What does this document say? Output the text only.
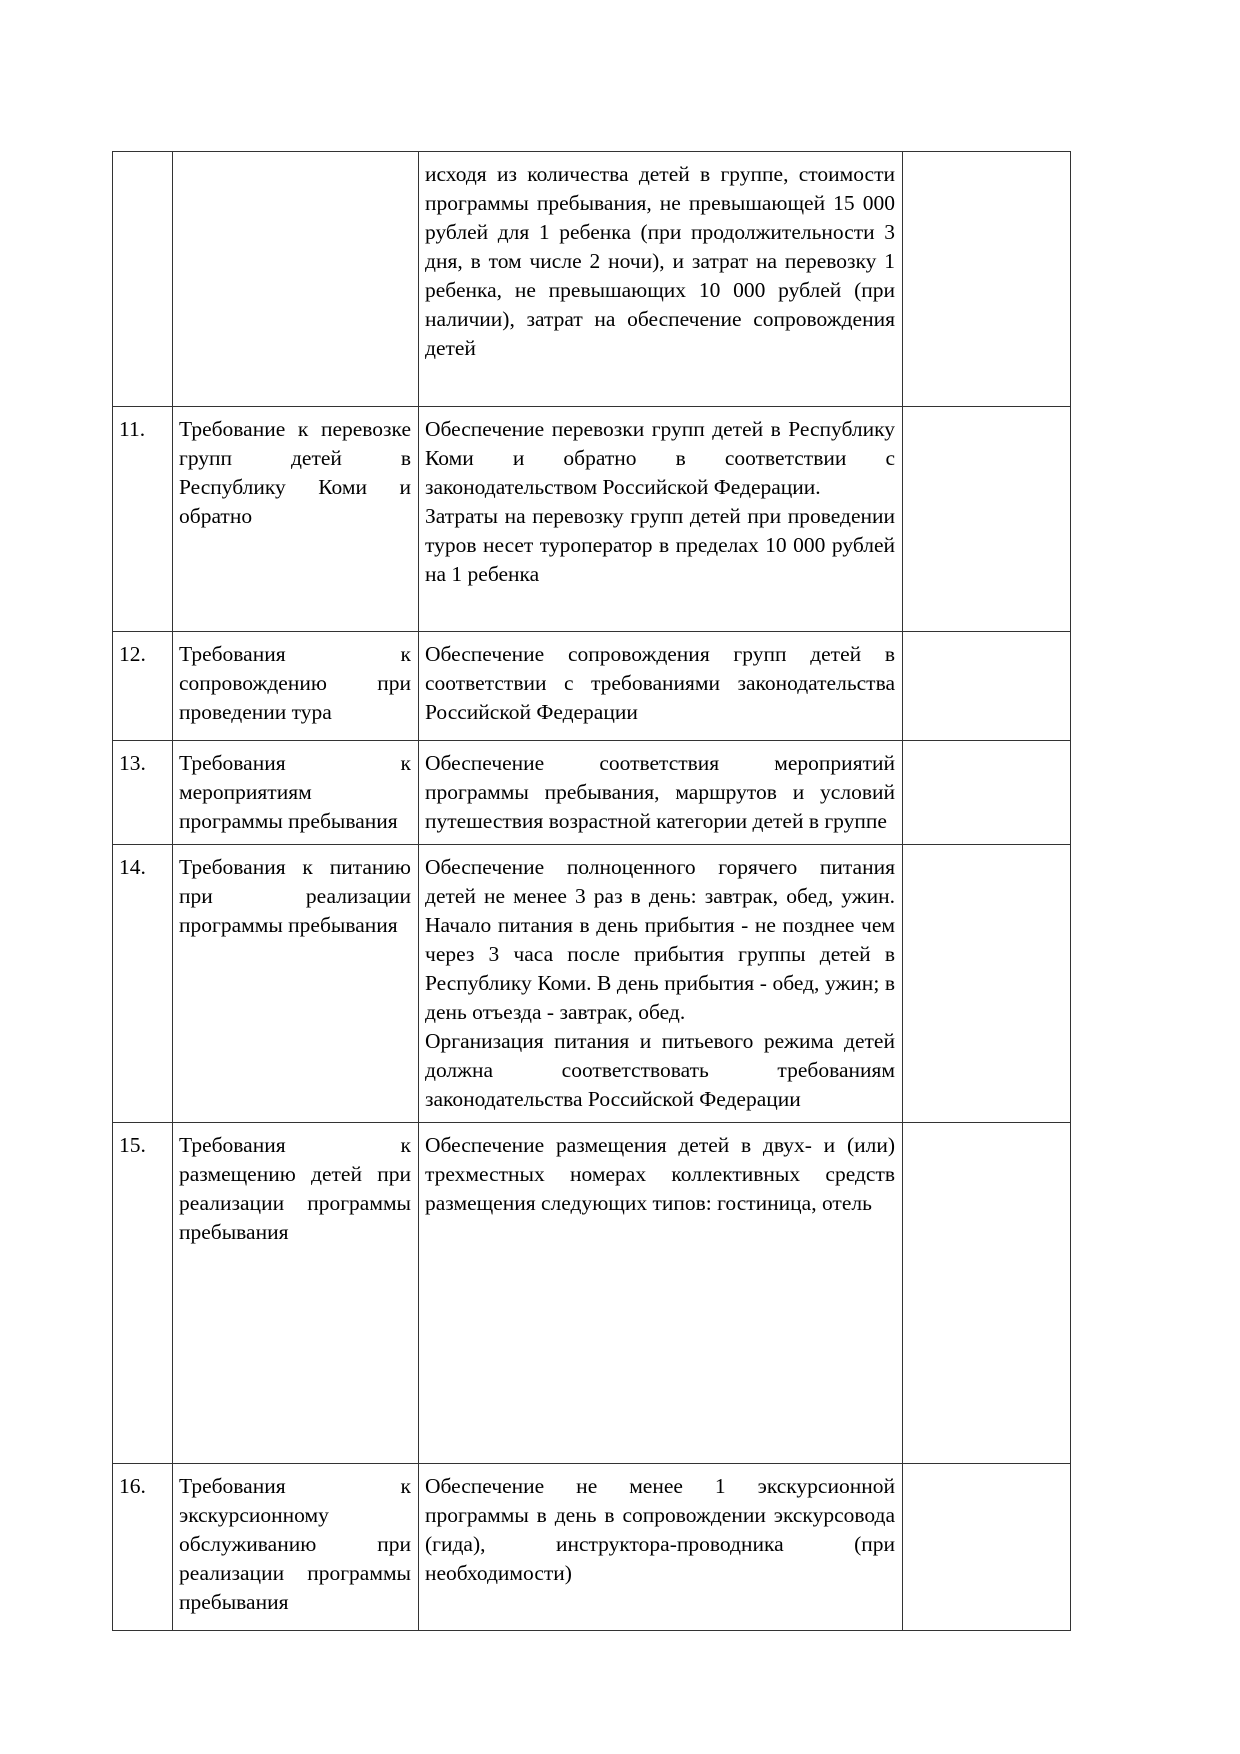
		исходя из количества детей в группе, стоимости программы пребывания, не превышающей 15 000 рублей для 1 ребенка (при продолжительности 3 дня, в том числе 2 ночи), и затрат на перевозку 1 ребенка, не превышающих 10 000 рублей (при наличии), затрат на обеспечение сопровождения детей	

11.	Требование к перевозке групп детей в Республику Коми и обратно	Обеспечение перевозки групп детей в Республику Коми и обратно в соответствии с законодательством Российской Федерации.

Затраты на перевозку групп детей при проведении туров несет туроператор в пределах 10 000 рублей на 1 ребенка	

12.	Требования к сопровождению при проведении тура	Обеспечение сопровождения групп детей в соответствии с требованиями законодательства Российской Федерации	

13.	Требования к мероприятиям программы пребывания	Обеспечение соответствия мероприятий программы пребывания, маршрутов и условий путешествия возрастной категории детей в группе	

14.	Требования к питанию при реализации программы пребывания	Обеспечение полноценного горячего питания детей не менее 3 раз в день: завтрак, обед, ужин. Начало питания в день прибытия - не позднее чем через 3 часа после прибытия группы детей в Республику Коми. В день прибытия - обед, ужин; в день отъезда - завтрак, обед.

Организация питания и питьевого режима детей должна соответствовать требованиям законодательства Российской Федерации	

15.	Требования к размещению детей при реализации программы пребывания	Обеспечение размещения детей в двух- и (или) трехместных номерах коллективных средств размещения следующих типов: гостиница, отель	

16.	Требования к экскурсионному обслуживанию при реализации программы пребывания	Обеспечение не менее 1 экскурсионной программы в день в сопровождении экскурсовода (гида), инструктора-проводника (при необходимости)	
